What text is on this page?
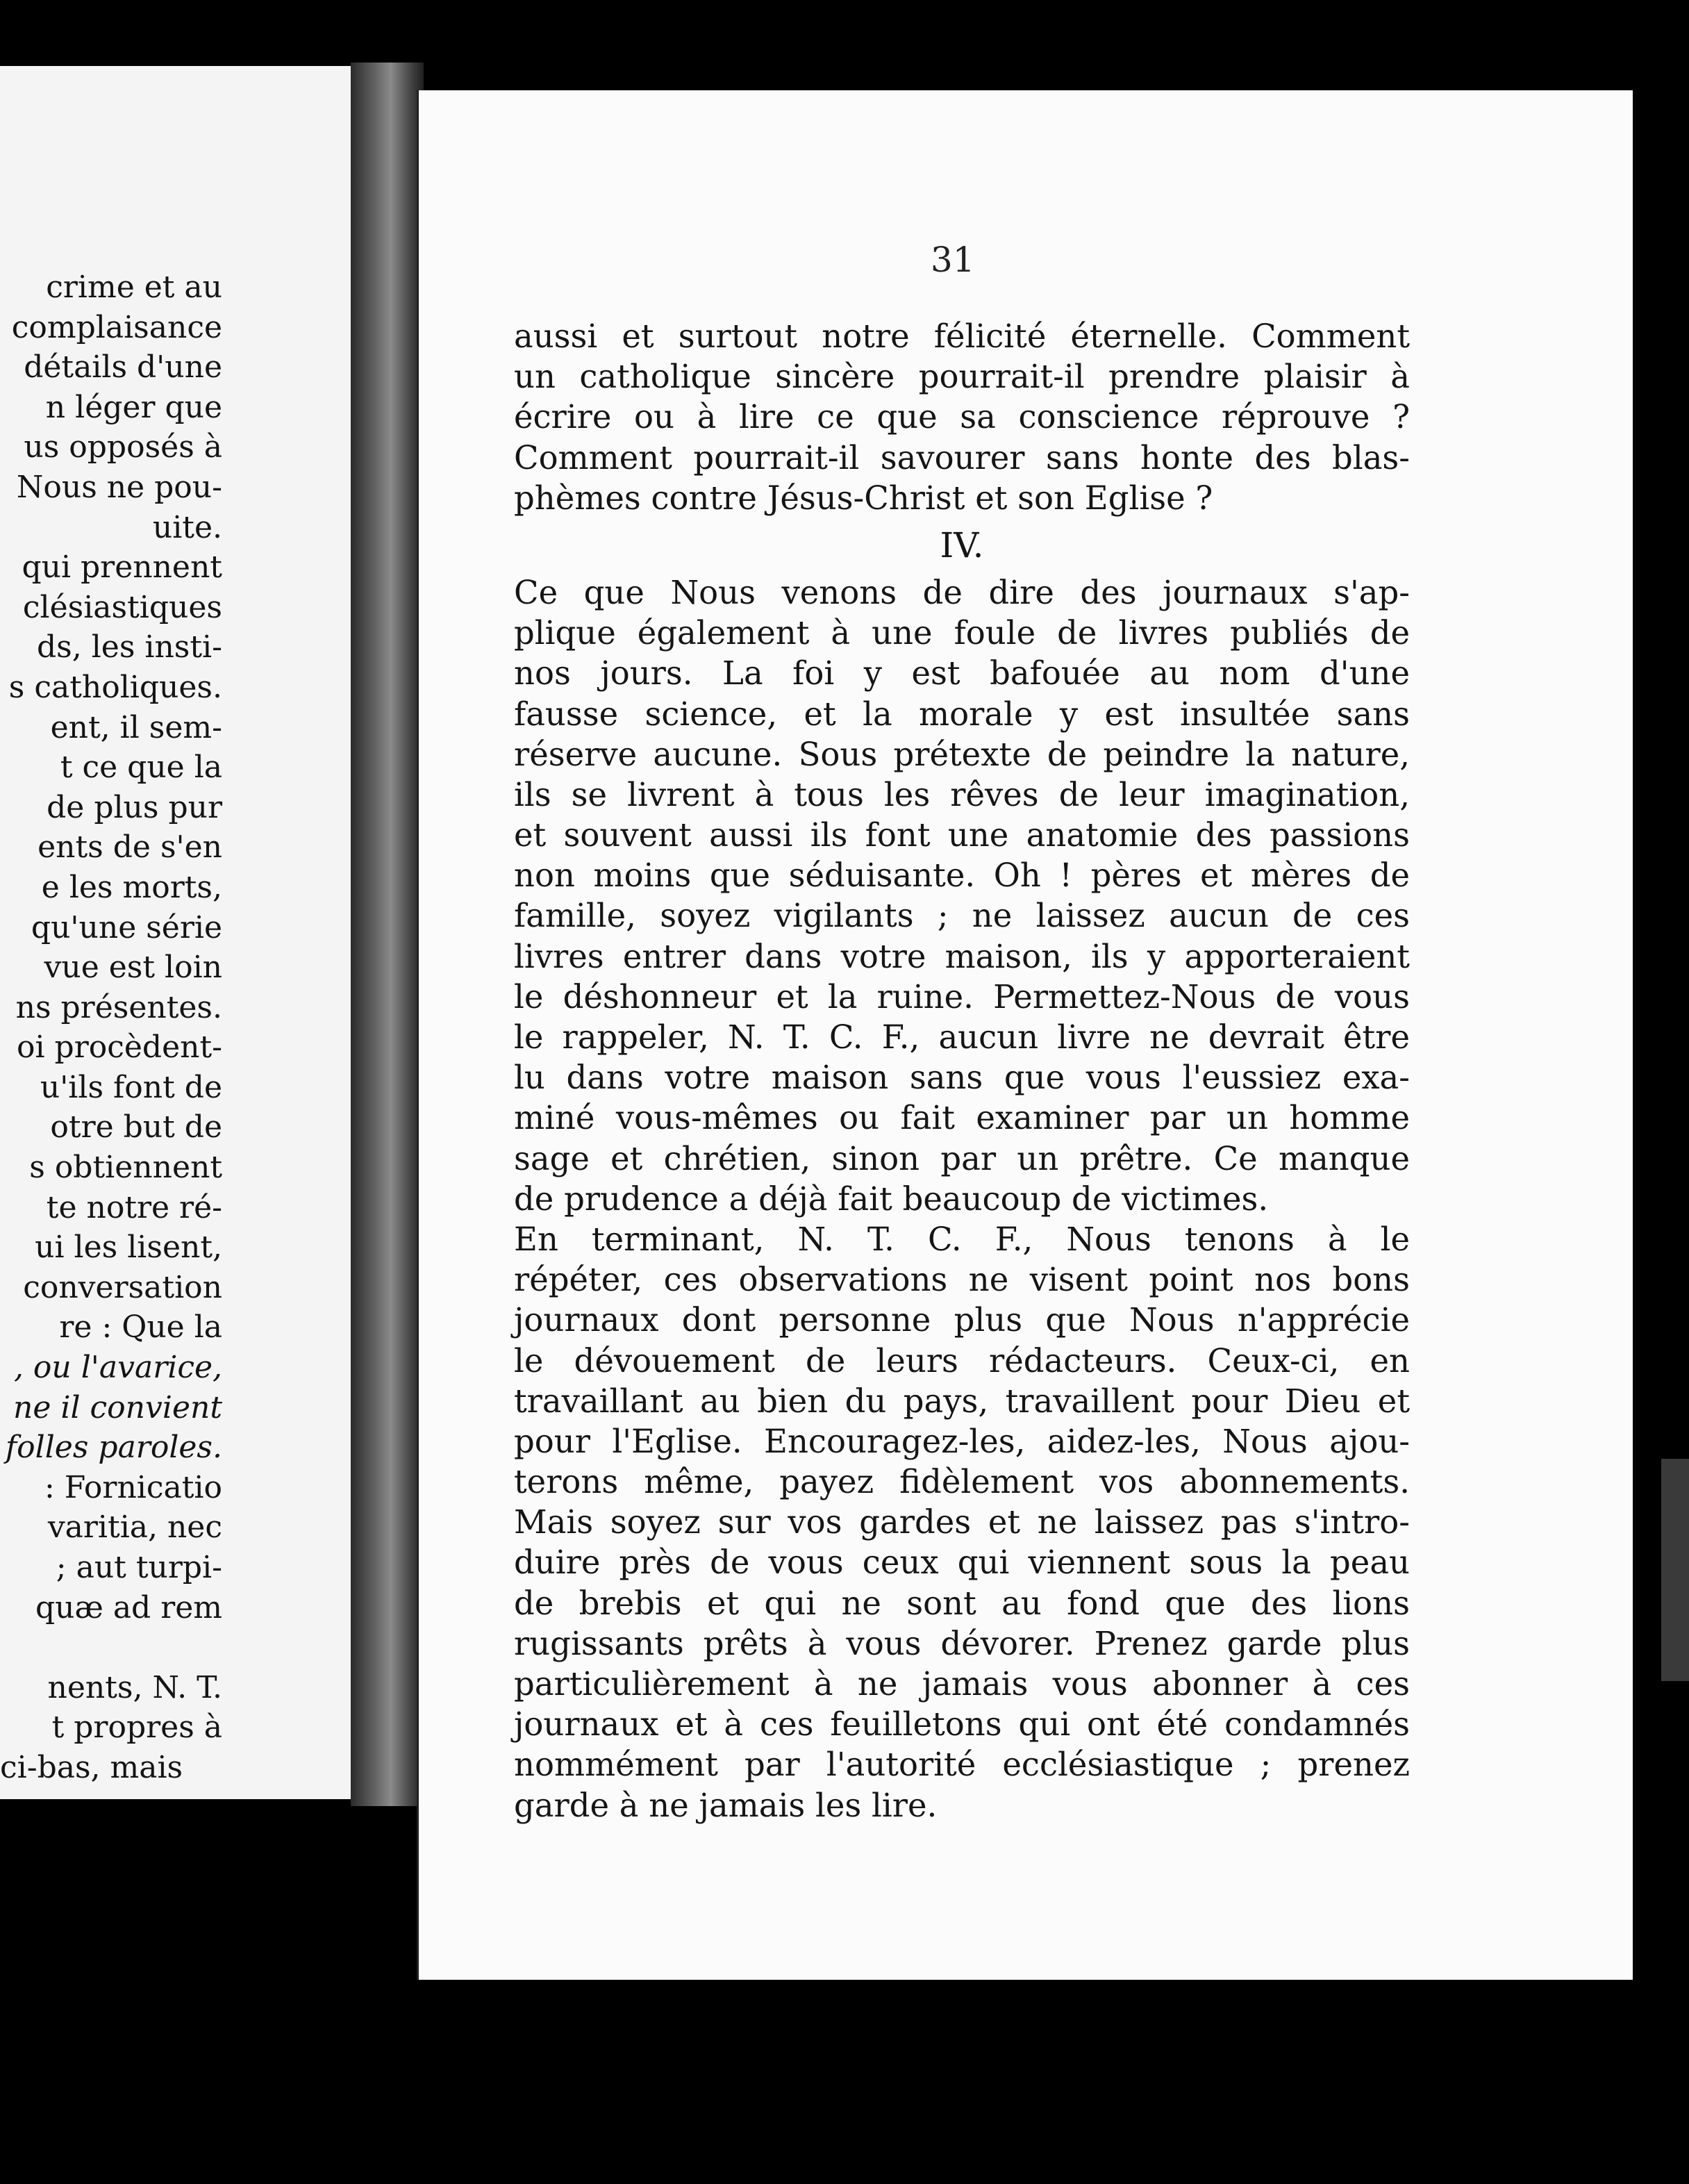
crime et au
complaisance
détails d'une
n léger que
us opposés à
Nous ne pou-
uite.
qui prennent
clésiastiques
ds, les insti-
s catholiques.
ent, il sem-
t ce que la
de plus pur
ents de s'en
e les morts,
qu'une série
vue est loin
ns présentes.
oi procèdent-
u'ils font de
otre but de
s obtiennent
te notre ré-
ui les lisent,
conversation
re : Que la
, ou l'avarice,
ne il convient
folles paroles.
: Fornicatio
varitia, nec
; aut turpi-
quæ ad rem
nents, N. T.
t propres à
ci-bas, mais
31
aussi et surtout notre félicité éternelle. Comment
un catholique sincère pourrait-il prendre plaisir à
écrire ou à lire ce que sa conscience réprouve ?
Comment pourrait-il savourer sans honte des blas-
phèmes contre Jésus-Christ et son Eglise ?
IV.
Ce que Nous venons de dire des journaux s'ap-
plique également à une foule de livres publiés de
nos jours. La foi y est bafouée au nom d'une
fausse science, et la morale y est insultée sans
réserve aucune. Sous prétexte de peindre la nature,
ils se livrent à tous les rêves de leur imagination,
et souvent aussi ils font une anatomie des passions
non moins que séduisante. Oh ! pères et mères de
famille, soyez vigilants ; ne laissez aucun de ces
livres entrer dans votre maison, ils y apporteraient
le déshonneur et la ruine. Permettez-Nous de vous
le rappeler, N. T. C. F., aucun livre ne devrait être
lu dans votre maison sans que vous l'eussiez exa-
miné vous-mêmes ou fait examiner par un homme
sage et chrétien, sinon par un prêtre. Ce manque
de prudence a déjà fait beaucoup de victimes.
En terminant, N. T. C. F., Nous tenons à le
répéter, ces observations ne visent point nos bons
journaux dont personne plus que Nous n'apprécie
le dévouement de leurs rédacteurs. Ceux-ci, en
travaillant au bien du pays, travaillent pour Dieu et
pour l'Eglise. Encouragez-les, aidez-les, Nous ajou-
terons même, payez fidèlement vos abonnements.
Mais soyez sur vos gardes et ne laissez pas s'intro-
duire près de vous ceux qui viennent sous la peau
de brebis et qui ne sont au fond que des lions
rugissants prêts à vous dévorer. Prenez garde plus
particulièrement à ne jamais vous abonner à ces
journaux et à ces feuilletons qui ont été condamnés
nommément par l'autorité ecclésiastique ; prenez
garde à ne jamais les lire.
